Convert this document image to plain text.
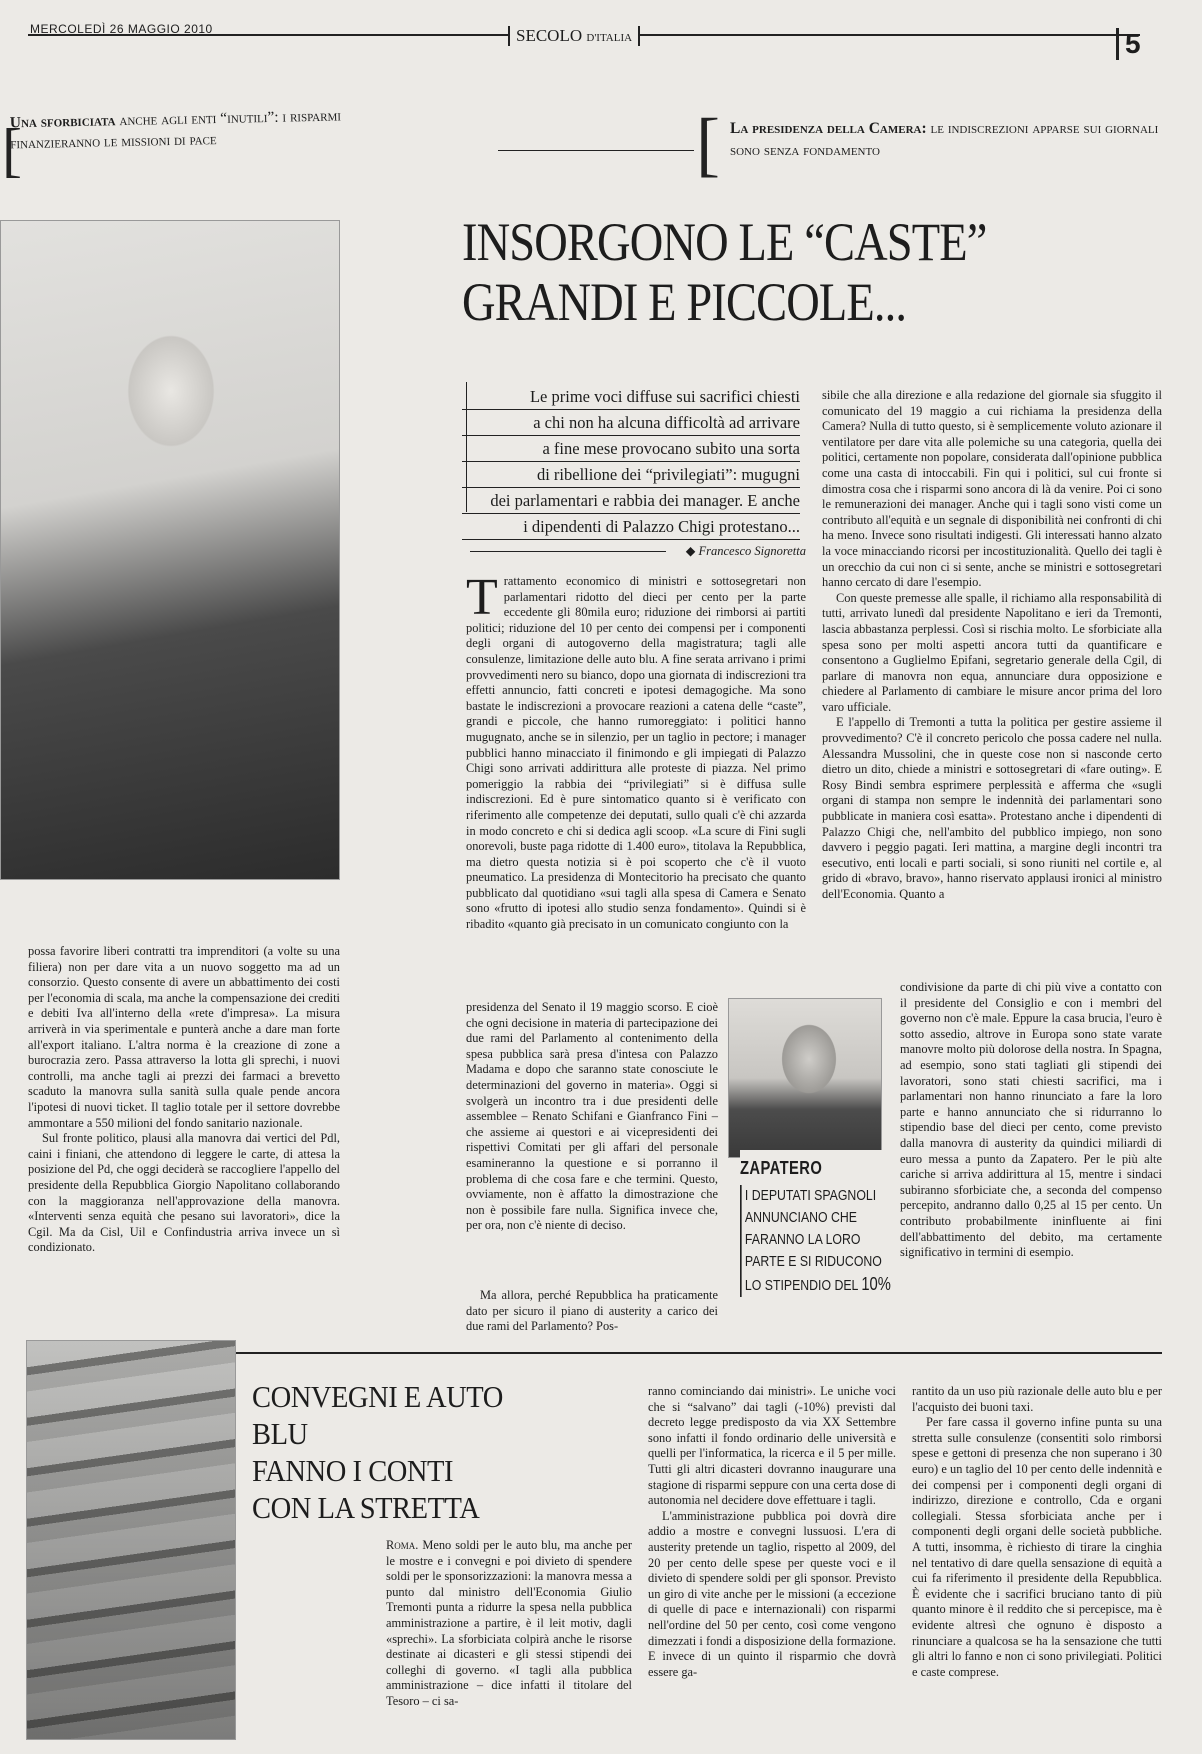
MERCOLEDÌ 26 MAGGIO 2010	SECOLO D'ITALIA	5
[
Una sforbiciata anche agli enti “inutili”: i risparmi finanzieranno le missioni di pace	[ La presidenza della Camera: le indiscrezioni apparse sui giornali sono senza fondamento
INSORGONO LE “CASTE”
GRANDI E PICCOLE...
Le prime voci diffuse sui sacrifici chiesti
a chi non ha alcuna difficoltà ad arrivare
a fine mese provocano subito una sorta
di ribellione dei “privilegiati”: mugugni
dei parlamentari e rabbia dei manager. E anche
i dipendenti di Palazzo Chigi protestano...
◆ Francesco Signoretta

possa favorire liberi contratti tra imprenditori (a volte su una filiera) non per dare vita a un nuovo soggetto ma ad un consorzio. Questo consente di avere un abbattimento dei costi per l'economia di scala, ma anche la compensazione dei crediti e debiti Iva all'interno della «rete d'impresa». La misura arriverà in via sperimentale e punterà anche a dare man forte all'export italiano. L'altra norma è la creazione di zone a burocrazia zero. Passa attraverso la lotta gli sprechi, i nuovi controlli, ma anche tagli ai prezzi dei farmaci a brevetto scaduto la manovra sulla sanità sulla quale pende ancora l'ipotesi di nuovi ticket. Il taglio totale per il settore dovrebbe ammontare a 550 milioni del fondo sanitario nazionale.

Sul fronte politico, plausi alla manovra dai vertici del Pdl, caini i finiani, che attendono di leggere le carte, di attesa la posizione del Pd, che oggi deciderà se raccogliere l'appello del presidente della Repubblica Giorgio Napolitano collaborando con la maggioranza nell'approvazione della manovra. «Interventi senza equità che pesano sui lavoratori», dice la Cgil. Ma da Cisl, Uil e Confindustria arriva invece un sì condizionato.

Trattamento economico di ministri e sottosegretari non parlamentari ridotto del dieci per cento per la parte eccedente gli 80mila euro; riduzione dei rimborsi ai partiti politici; riduzione del 10 per cento dei compensi per i componenti degli organi di autogoverno della magistratura; tagli alle consulenze, limitazione delle auto blu. A fine serata arrivano i primi provvedimenti nero su bianco, dopo una giornata di indiscrezioni tra effetti annuncio, fatti concreti e ipotesi demagogiche. Ma sono bastate le indiscrezioni a provocare reazioni a catena delle “caste”, grandi e piccole, che hanno rumoreggiato: i politici hanno mugugnato, anche se in silenzio, per un taglio in pectore; i manager pubblici hanno minacciato il finimondo e gli impiegati di Palazzo Chigi sono arrivati addirittura alle proteste di piazza. Nel primo pomeriggio la rabbia dei “privilegiati” si è diffusa sulle indiscrezioni. Ed è pure sintomatico quanto si è verificato con riferimento alle competenze dei deputati, sullo quali c'è chi azzarda in modo concreto e chi si dedica agli scoop. «La scure di Fini sugli onorevoli, buste paga ridotte di 1.400 euro», titolava la Repubblica, ma dietro questa notizia si è poi scoperto che c'è il vuoto pneumatico. La presidenza di Montecitorio ha precisato che quanto pubblicato dal quotidiano «sui tagli alla spesa di Camera e Senato sono «frutto di ipotesi allo studio senza fondamento». Quindi si è ribadito «quanto già precisato in un comunicato congiunto con la

presidenza del Senato il 19 maggio scorso. E cioè che ogni decisione in materia di partecipazione dei due rami del Parlamento al contenimento della spesa pubblica sarà presa d'intesa con Palazzo Madama e dopo che saranno state conosciute le determinazioni del governo in materia». Oggi si svolgerà un incontro tra i due presidenti delle assemblee – Renato Schifani e Gianfranco Fini – che assieme ai questori e ai vicepresidenti dei rispettivi Comitati per gli affari del personale esamineranno la questione e si porranno il problema di che cosa fare e che termini. Questo, ovviamente, non è affatto la dimostrazione che non è possibile fare nulla. Significa invece che, per ora, non c'è niente di deciso.

Ma allora, perché Repubblica ha praticamente dato per sicuro il piano di austerity a carico dei due rami del Parlamento? Pos-

sibile che alla direzione e alla redazione del giornale sia sfuggito il comunicato del 19 maggio a cui richiama la presidenza della Camera? Nulla di tutto questo, si è semplicemente voluto azionare il ventilatore per dare vita alle polemiche su una categoria, quella dei politici, certamente non popolare, considerata dall'opinione pubblica come una casta di intoccabili. Fin qui i politici, sul cui fronte si dimostra cosa che i risparmi sono ancora di là da venire. Poi ci sono le remunerazioni dei manager. Anche qui i tagli sono visti come un contributo all'equità e un segnale di disponibilità nei confronti di chi ha meno. Invece sono risultati indigesti. Gli interessati hanno alzato la voce minacciando ricorsi per incostituzionalità. Quello dei tagli è un orecchio da cui non ci si sente, anche se ministri e sottosegretari hanno cercato di dare l'esempio.

Con queste premesse alle spalle, il richiamo alla responsabilità di tutti, arrivato lunedì dal presidente Napolitano e ieri da Tremonti, lascia abbastanza perplessi. Così si rischia molto. Le sforbiciate alla spesa sono per molti aspetti ancora tutti da quantificare e consentono a Guglielmo Epifani, segretario generale della Cgil, di parlare di manovra non equa, annunciare dura opposizione e chiedere al Parlamento di cambiare le misure ancor prima del loro varo ufficiale.

E l'appello di Tremonti a tutta la politica per gestire assieme il provvedimento? C'è il concreto pericolo che possa cadere nel nulla. Alessandra Mussolini, che in queste cose non si nasconde certo dietro un dito, chiede a ministri e sottosegretari di «fare outing». E Rosy Bindi sembra esprimere perplessità e afferma che «sugli organi di stampa non sempre le indennità dei parlamentari sono pubblicate in maniera così esatta». Protestano anche i dipendenti di Palazzo Chigi che, nell'ambito del pubblico impiego, non sono davvero i peggio pagati. Ieri mattina, a margine degli incontri tra esecutivo, enti locali e parti sociali, si sono riuniti nel cortile e, al grido di «bravo, bravo», hanno riservato applausi ironici al ministro dell'Economia. Quanto a

condivisione da parte di chi più vive a contatto con il presidente del Consiglio e con i membri del governo non c'è male. Eppure la casa brucia, l'euro è sotto assedio, altrove in Europa sono state varate manovre molto più dolorose della nostra. In Spagna, ad esempio, sono stati tagliati gli stipendi dei lavoratori, sono stati chiesti sacrifici, ma i parlamentari non hanno rinunciato a fare la loro parte e hanno annunciato che si ridurranno lo stipendio base del dieci per cento, come previsto dalla manovra di austerity da quindici miliardi di euro messa a punto da Zapatero. Per le più alte cariche si arriva addirittura al 15, mentre i sindaci subiranno sforbiciate che, a seconda del compenso percepito, andranno dallo 0,25 al 15 per cento. Un contributo probabilmente ininfluente ai fini dell'abbattimento del debito, ma certamente significativo in termini di esempio.

ZAPATERO
I DEPUTATI SPAGNOLI
ANNUNCIANO CHE
FARANNO LA LORO
PARTE E SI RIDUCONO
LO STIPENDIO DEL 10%
CONVEGNI E AUTO BLU
FANNO I CONTI
CON LA STRETTA

Roma. Meno soldi per le auto blu, ma anche per le mostre e i convegni e poi divieto di spendere soldi per le sponsorizzazioni: la manovra messa a punto dal ministro dell'Economia Giulio Tremonti punta a ridurre la spesa nella pubblica amministrazione a partire, è il leit motiv, dagli «sprechi». La sforbiciata colpirà anche le risorse destinate ai dicasteri e gli stessi stipendi dei colleghi di governo. «I tagli alla pubblica amministrazione – dice infatti il titolare del Tesoro – ci sa-

ranno cominciando dai ministri». Le uniche voci che si “salvano” dai tagli (-10%) previsti dal decreto legge predisposto da via XX Settembre sono infatti il fondo ordinario delle università e quelli per l'informatica, la ricerca e il 5 per mille. Tutti gli altri dicasteri dovranno inaugurare una stagione di risparmi seppure con una certa dose di autonomia nel decidere dove effettuare i tagli.

L'amministrazione pubblica poi dovrà dire addio a mostre e convegni lussuosi. L'era di austerity pretende un taglio, rispetto al 2009, del 20 per cento delle spese per queste voci e il divieto di spendere soldi per gli sponsor. Previsto un giro di vite anche per le missioni (a eccezione di quelle di pace e internazionali) con risparmi nell'ordine del 50 per cento, così come vengono dimezzati i fondi a disposizione della formazione. E invece di un quinto il risparmio che dovrà essere ga-

rantito da un uso più razionale delle auto blu e per l'acquisto dei buoni taxi.

Per fare cassa il governo infine punta su una stretta sulle consulenze (consentiti solo rimborsi spese e gettoni di presenza che non superano i 30 euro) e un taglio del 10 per cento delle indennità e dei compensi per i componenti degli organi di indirizzo, direzione e controllo, Cda e organi collegiali. Stessa sforbiciata anche per i componenti degli organi delle società pubbliche. A tutti, insomma, è richiesto di tirare la cinghia nel tentativo di dare quella sensazione di equità a cui fa riferimento il presidente della Repubblica. È evidente che i sacrifici bruciano tanto di più quanto minore è il reddito che si percepisce, ma è evidente altresì che ognuno è disposto a rinunciare a qualcosa se ha la sensazione che tutti gli altri lo fanno e non ci sono privilegiati. Politici e caste comprese.
